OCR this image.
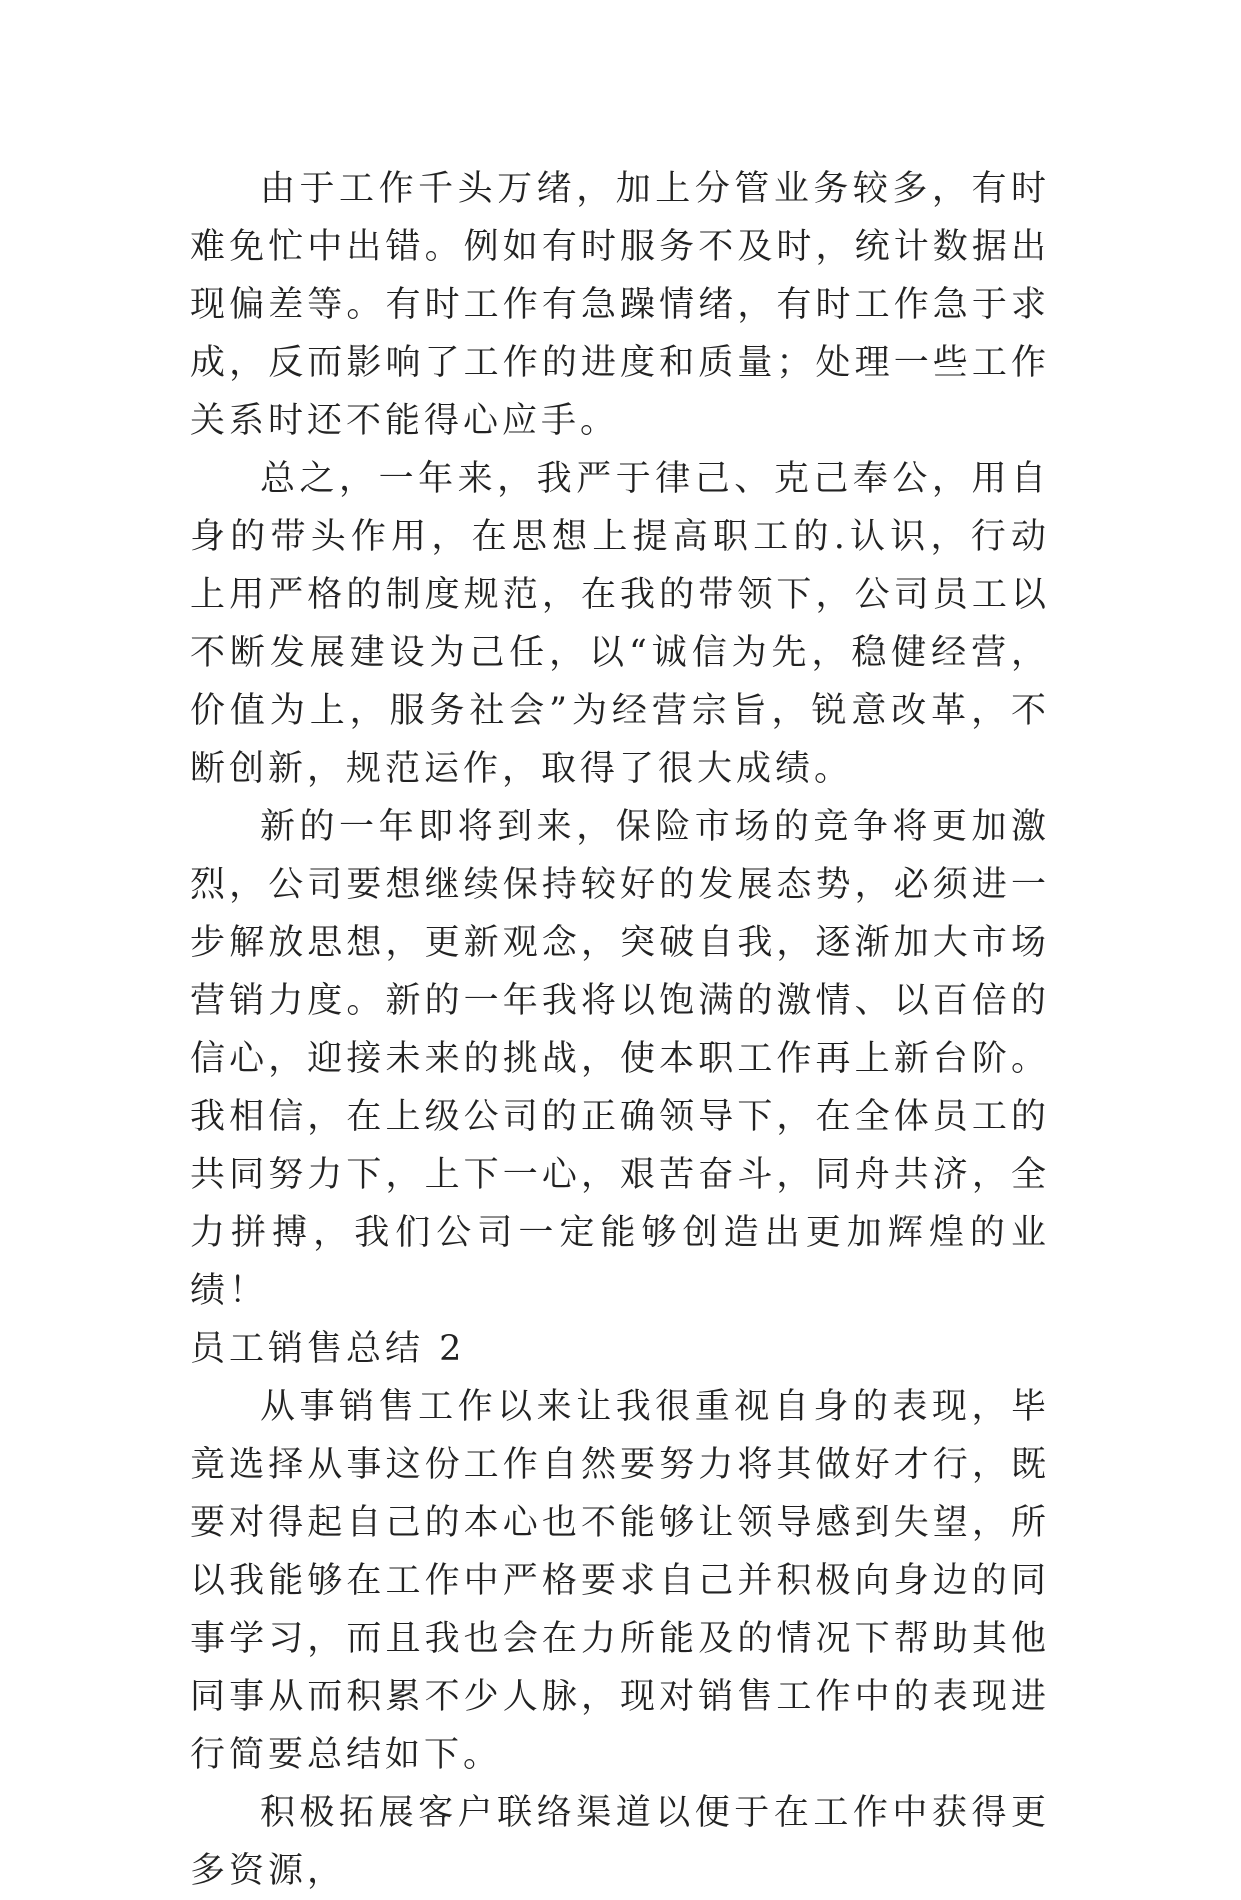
由于工作千头万绪，加上分管业务较多，有时难免忙中出错。例如有时服务不及时，统计数据出现偏差等。有时工作有急躁情绪，有时工作急于求成，反而影响了工作的进度和质量；处理一些工作关系时还不能得心应手。

总之，一年来，我严于律己、克己奉公，用自身的带头作用，在思想上提高职工的.认识，行动上用严格的制度规范，在我的带领下，公司员工以不断发展建设为己任，以“诚信为先，稳健经营，价值为上，服务社会”为经营宗旨，锐意改革，不断创新，规范运作，取得了很大成绩。

新的一年即将到来，保险市场的竞争将更加激烈，公司要想继续保持较好的发展态势，必须进一步解放思想，更新观念，突破自我，逐渐加大市场营销力度。新的一年我将以饱满的激情、以百倍的信心，迎接未来的挑战，使本职工作再上新台阶。我相信，在上级公司的正确领导下，在全体员工的共同努力下，上下一心，艰苦奋斗，同舟共济，全力拼搏，我们公司一定能够创造出更加辉煌的业绩！

员工销售总结 2

从事销售工作以来让我很重视自身的表现，毕竟选择从事这份工作自然要努力将其做好才行，既要对得起自己的本心也不能够让领导感到失望，所以我能够在工作中严格要求自己并积极向身边的同事学习，而且我也会在力所能及的情况下帮助其他同事从而积累不少人脉，现对销售工作中的表现进行简要总结如下。

积极拓展客户联络渠道以便于在工作中获得更多资源，
